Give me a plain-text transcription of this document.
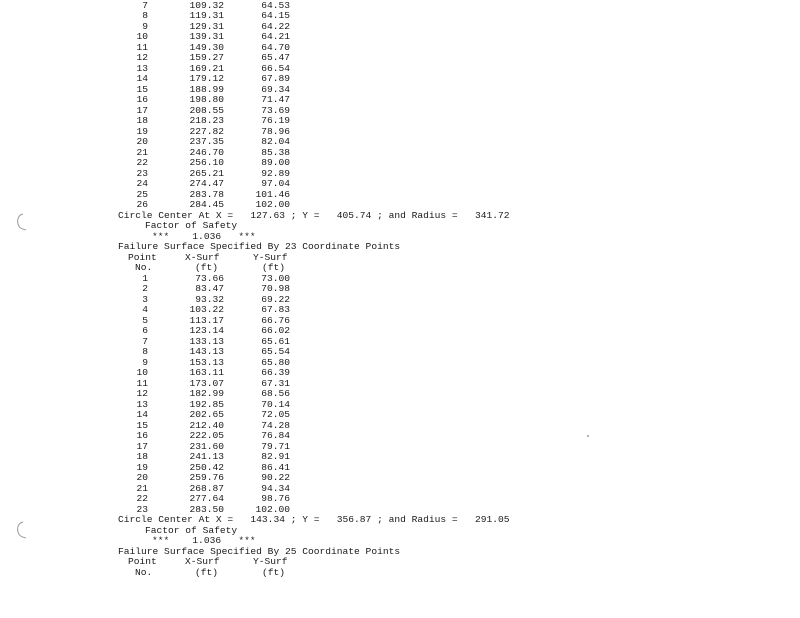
7	109.32	64.53
8	119.31	64.15
9	129.31	64.22
10	139.31	64.21
11	149.30	64.70
12	159.27	65.47
13	169.21	66.54
14	179.12	67.89
15	188.99	69.34
16	198.80	71.47
17	208.55	73.69
18	218.23	76.19
19	227.82	78.96
20	237.35	82.04
21	246.70	85.38
22	256.10	89.00
23	265.21	92.89
24	274.47	97.04
25	283.78	101.46
26	284.45	102.00
Circle Center At X =   127.63 ; Y =   405.74 ; and Radius =   341.72
Factor of Safety
***    1.036   ***
Failure Surface Specified By 23 Coordinate Points
Point	X-Surf	Y-Surf
No.	(ft)	(ft)
1	73.66	73.00
2	83.47	70.98
3	93.32	69.22
4	103.22	67.83
5	113.17	66.76
6	123.14	66.02
7	133.13	65.61
8	143.13	65.54
9	153.13	65.80
10	163.11	66.39
11	173.07	67.31
12	182.99	68.56
13	192.85	70.14
14	202.65	72.05
15	212.40	74.28
16	222.05	76.84
17	231.60	79.71
18	241.13	82.91
19	250.42	86.41
20	259.76	90.22
21	268.87	94.34
22	277.64	98.76
23	283.50	102.00
Circle Center At X =   143.34 ; Y =   356.87 ; and Radius =   291.05
Factor of Safety
***    1.036   ***
Failure Surface Specified By 25 Coordinate Points
Point	X-Surf	Y-Surf
No.	(ft)	(ft)
